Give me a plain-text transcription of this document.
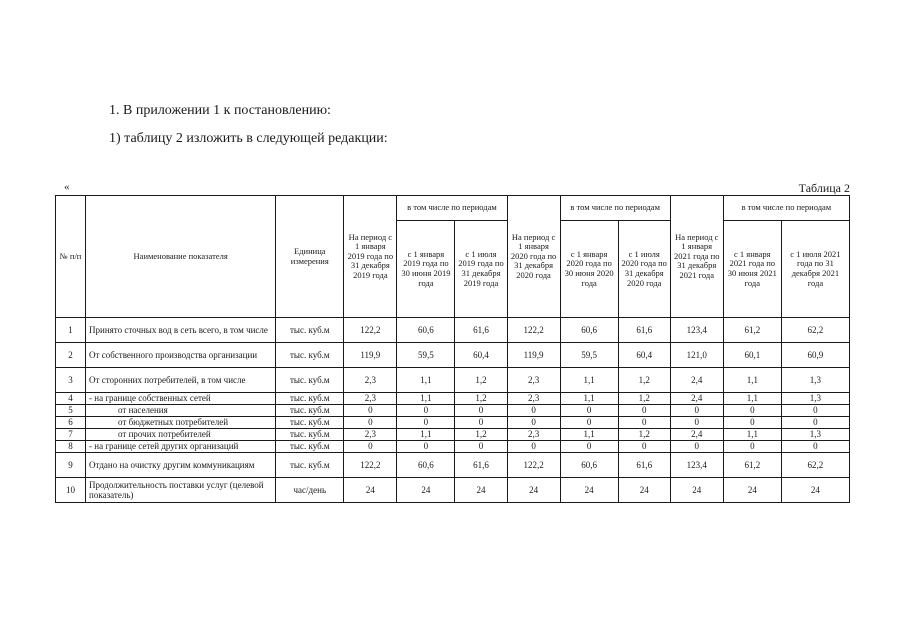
1. В приложении 1 к постановлению:
1) таблицу 2 изложить в следующей редакции:
«	Таблица 2
№ п/п	Наименование показателя	Единица измерения	На период с 1 января 2019 года по 31 декабря 2019 года	в том числе по периодам		На период с 1 января 2020 года по 31 декабря 2020 года	в том числе по периодам		На период с 1 января 2021 года по 31 декабря 2021 года	в том числе по периодам	
				с 1 января 2019 года по 30 июня 2019 года	с 1 июля 2019 года по 31 декабря 2019 года		с 1 января 2020 года по 30 июня 2020 года	с 1 июля 2020 года по 31 декабря 2020 года		с 1 января 2021 года по 30 июня 2021 года	с 1 июля 2021 года по 31 декабря 2021 года
1	Принято сточных вод в сеть всего, в том числе	тыс. куб.м	122,2	60,6	61,6	122,2	60,6	61,6	123,4	61,2	62,2
2	От собственного производства организации	тыс. куб.м	119,9	59,5	60,4	119,9	59,5	60,4	121,0	60,1	60,9
3	От сторонних потребителей, в том числе	тыс. куб.м	2,3	1,1	1,2	2,3	1,1	1,2	2,4	1,1	1,3
4	- на границе собственных сетей	тыс. куб.м	2,3	1,1	1,2	2,3	1,1	1,2	2,4	1,1	1,3
5	от населения	тыс. куб.м	0	0	0	0	0	0	0	0	0
6	от бюджетных потребителей	тыс. куб.м	0	0	0	0	0	0	0	0	0
7	от прочих потребителей	тыс. куб.м	2,3	1,1	1,2	2,3	1,1	1,2	2,4	1,1	1,3
8	- на границе сетей других организаций	тыс. куб.м	0	0	0	0	0	0	0	0	0
9	Отдано на очистку другим коммуникациям	тыс. куб.м	122,2	60,6	61,6	122,2	60,6	61,6	123,4	61,2	62,2
10	Продолжительность поставки услуг (целевой показатель)	час/день	24	24	24	24	24	24	24	24	24
